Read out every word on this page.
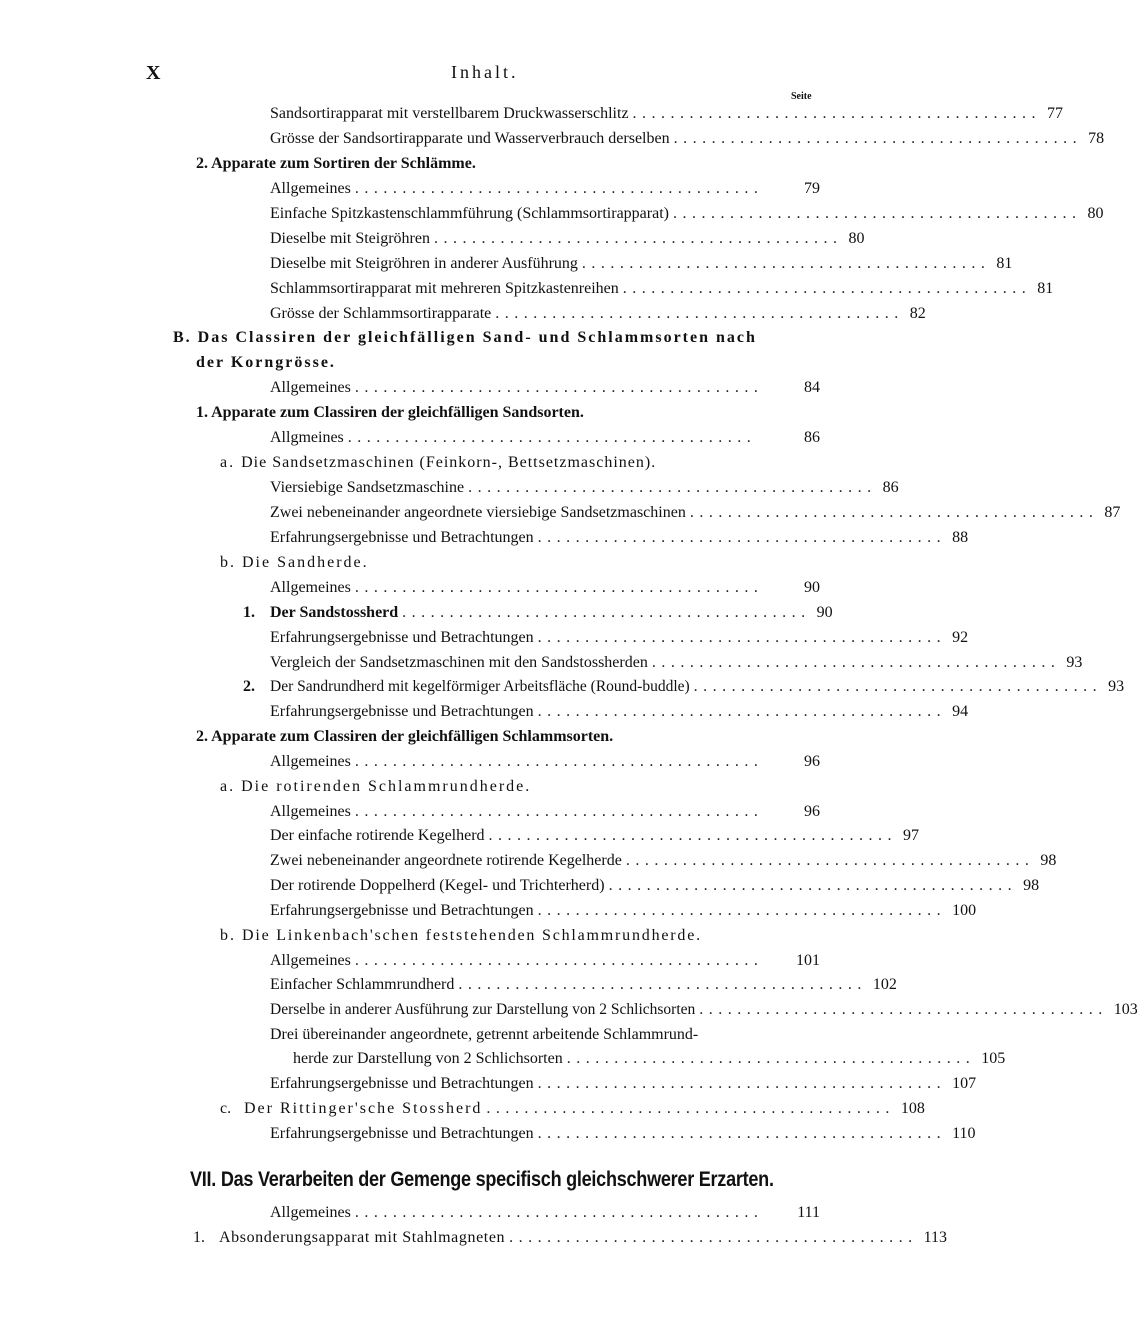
X	Inhalt.
Seite
Sandsortirapparat mit verstellbarem Druckwasserschlitz ........................................... 77
Grösse der Sandsortirapparate und Wasserverbrauch derselben ........................................... 78
2. Apparate zum Sortiren der Schlämme.
Allgemeines ...........................................	79
Einfache Spitzkastenschlammführung (Schlammsortirapparat) ........................................... 80
Dieselbe mit Steigröhren ........................................... 80
Dieselbe mit Steigröhren in anderer Ausführung ........................................... 81
Schlammsortirapparat mit mehreren Spitzkastenreihen ........................................... 81
Grösse der Schlammsortirapparate ........................................... 82
B. Das Classiren der gleichfälligen Sand- und Schlammsorten nach
der Korngrösse.
Allgemeines ...........................................	84
1. Apparate zum Classiren der gleichfälligen Sandsorten.
Allgmeines ...........................................	86
a. Die Sandsetzmaschinen (Feinkorn-, Bettsetzmaschinen).
Viersiebige Sandsetzmaschine ........................................... 86
Zwei nebeneinander angeordnete viersiebige Sandsetzmaschinen ........................................... 87
Erfahrungsergebnisse und Betrachtungen ........................................... 88
b. Die Sandherde.
Allgemeines ...........................................	90
1. Der Sandstossherd ........................................... 90
Erfahrungsergebnisse und Betrachtungen ........................................... 92
Vergleich der Sandsetzmaschinen mit den Sandstossherden ........................................... 93
2. Der Sandrundherd mit kegelförmiger Arbeitsfläche (Round-buddle) ........................................... 93
Erfahrungsergebnisse und Betrachtungen ........................................... 94
2. Apparate zum Classiren der gleichfälligen Schlammsorten.
Allgemeines ...........................................	96
a. Die rotirenden Schlammrundherde.
Allgemeines ...........................................	96
Der einfache rotirende Kegelherd ........................................... 97
Zwei nebeneinander angeordnete rotirende Kegelherde ........................................... 98
Der rotirende Doppelherd (Kegel- und Trichterherd) ........................................... 98
Erfahrungsergebnisse und Betrachtungen ........................................... 100
b. Die Linkenbach'schen feststehenden Schlammrundherde.
Allgemeines ...........................................	101
Einfacher Schlammrundherd ........................................... 102
Derselbe in anderer Ausführung zur Darstellung von 2 Schlichsorten ........................................... 103
Drei übereinander angeordnete, getrennt arbeitende Schlammrund-
herde zur Darstellung von 2 Schlichsorten ........................................... 105
Erfahrungsergebnisse und Betrachtungen ........................................... 107
c. Der Rittinger'sche Stossherd ........................................... 108
Erfahrungsergebnisse und Betrachtungen ........................................... 110
VII. Das Verarbeiten der Gemenge specifisch gleichschwerer Erzarten.
Allgemeines ...........................................	111
1. Absonderungsapparat mit Stahlmagneten ........................................... 113
